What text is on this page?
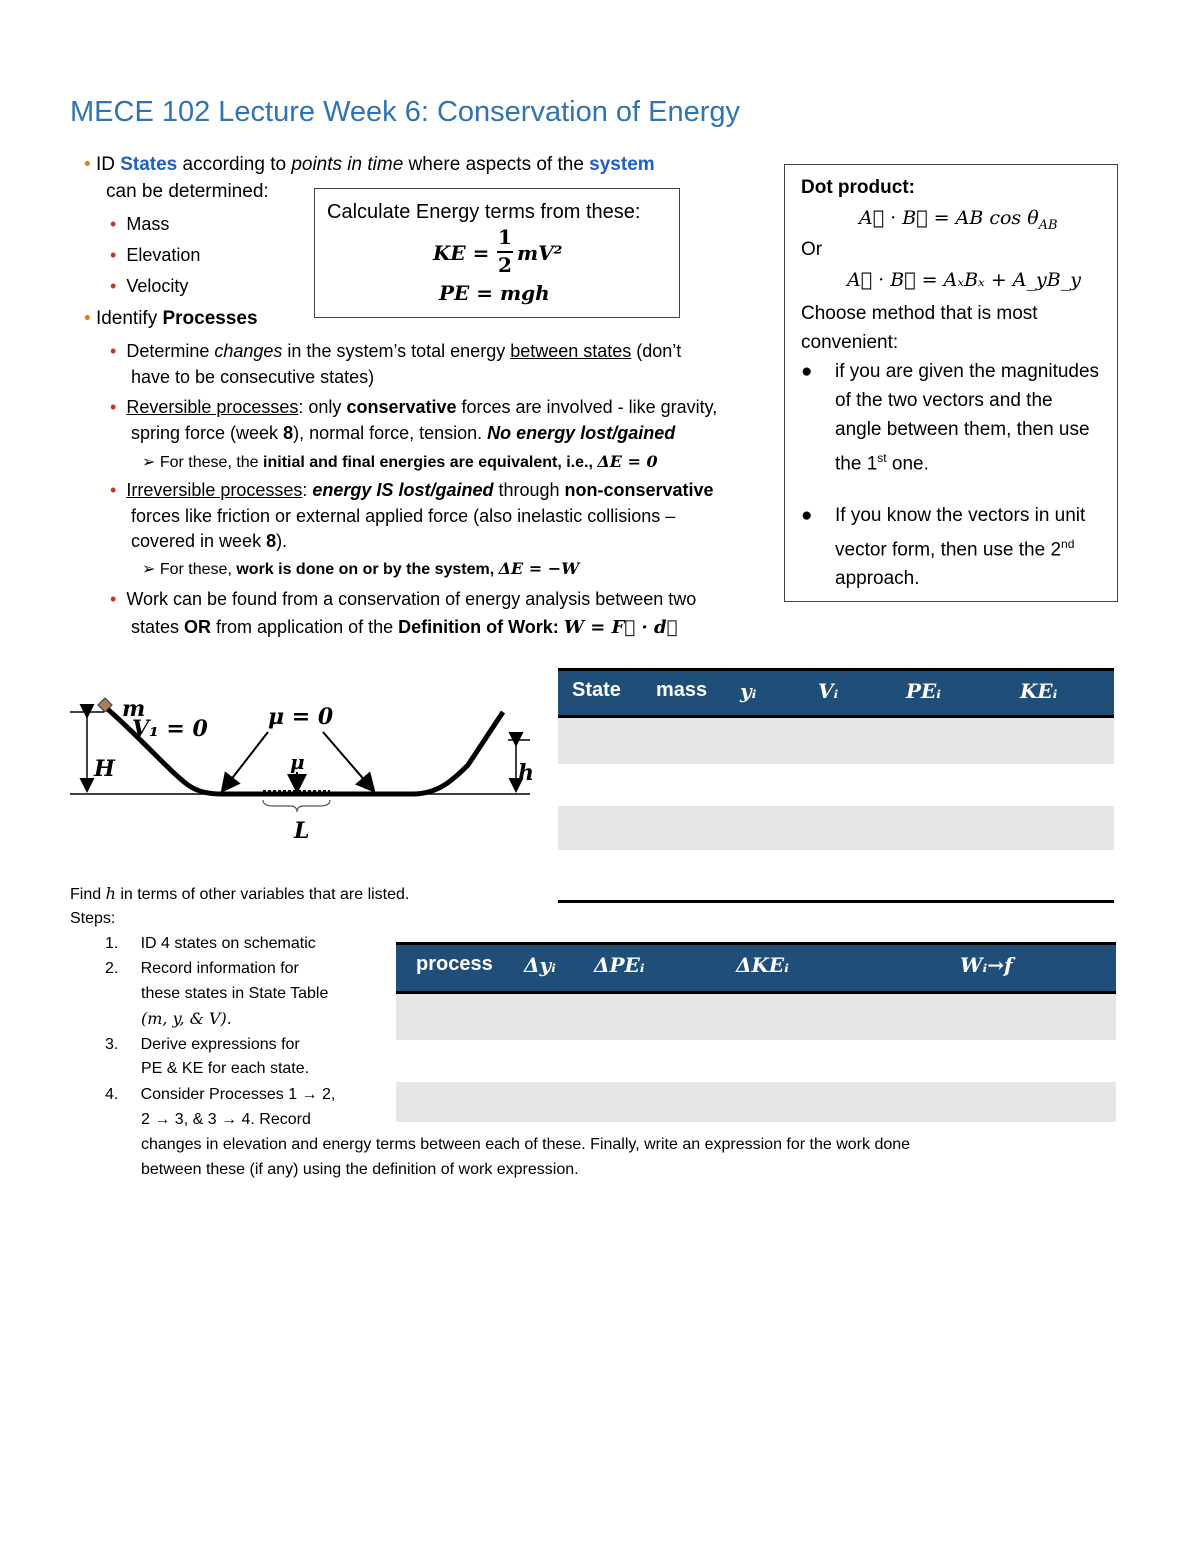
MECE 102 Lecture Week 6: Conservation of Energy
• ID States according to points in time where aspects of the system
can be determined:
• Mass
• Elevation
• Velocity
Calculate Energy terms from these:
KE =
1
2 mV²
PE = mgh
• Identify Processes
• Determine changes in the system’s total energy between states (don’t
have to be consecutive states)
• Reversible processes: only conservative forces are involved - like gravity,
spring force (week 8), normal force, tension. No energy lost/gained
➢ For these, the initial and final energies are equivalent, i.e., ΔE = 0
• Irreversible processes: energy IS lost/gained through non-conservative
forces like friction or external applied force (also inelastic collisions –
covered in week 8).
➢ For these, work is done on or by the system, ΔE = −W
• Work can be found from a conservation of energy analysis between two
states OR from application of the Definition of Work: W = F⃗ · d⃗
Dot product:
A⃗ · B⃗ = AB $\cos \theta_{AB}$
Or
A⃗ · B⃗ = AₓBₓ + A_yB_y
Choose method that is most convenient:
● if you are given the magnitudes of the two vectors and the angle between them, then use the 1st one.
● If you know the vectors in unit vector form, then use the 2nd approach.
m
V₁ = 0	μ = 0
μ
H	h
L
State mass yᵢ	Vᵢ	PEᵢ	KEᵢ
Find h in terms of other variables that are listed.
Steps:
1.     ID 4 states on schematic
2.     Record information for
these states in State Table
(m, y, & V).
3.     Derive expressions for
PE & KE for each state.
4.     Consider Processes 1 → 2,
2 → 3, & 3 → 4. Record
changes in elevation and energy terms between each of these. Finally, write an expression for the work done
between these (if any) using the definition of work expression.
process Δyᵢ ΔPEᵢ	ΔKEᵢ	Wᵢ→f
